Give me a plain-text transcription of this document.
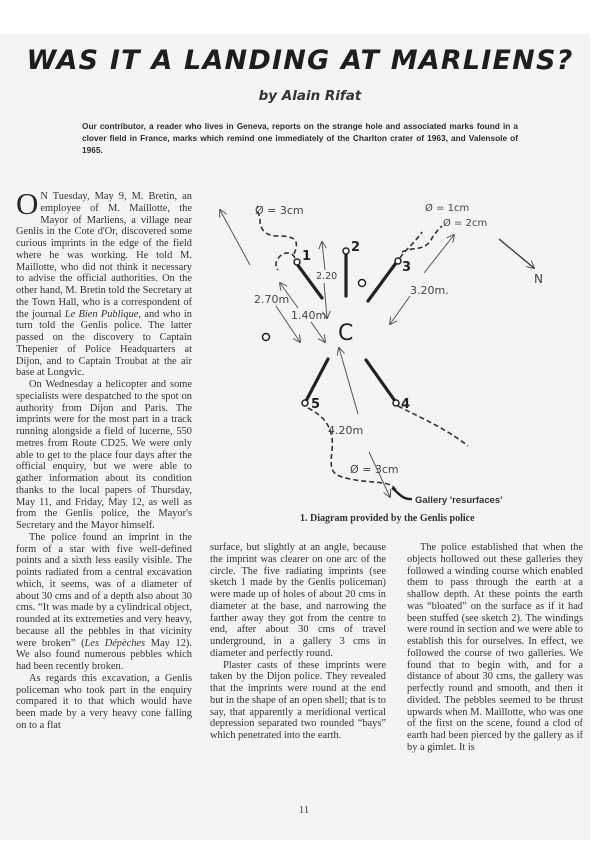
WAS IT A LANDING AT MARLIENS?
by Alain Rifat

Our contributor, a reader who lives in Geneva, reports on the strange hole and associated marks found in a clover field in France, marks which remind one immediately of the Charlton crater of 1963, and Valensole of 1965.

O N Tuesday, May 9, M. Bretin, an employee of M. Maillotte, the Mayor of Marliens, a village near Genlis in the Cote d'Or, discovered some curious imprints in the edge of the field where he was working. He told M. Maillotte, who did not think it necessary to advise the official authorities. On the other hand, M. Bretin told the Secretary at the Town Hall, who is a correspondent of the journal Le Bien Publique, and who in turn told the Genlis police. The latter passed on the discovery to Captain Thepenier of Police Headquarters at Dijon, and to Captain Troubat at the air base at Longvic.

On Wednesday a helicopter and some specialists were despatched to the spot on authority from Dijon and Paris. The imprints were for the most part in a track running alongside a field of lucerne, 550 metres from Route CD25. We were only able to get to the place four days after the official enquiry, but we were able to gather information about its condition thanks to the local papers of Thursday, May 11, and Friday, May 12, as well as from the Genlis police, the Mayor's Secretary and the Mayor himself.

The police found an imprint in the form of a star with five well-defined points and a sixth less easily visible. The points radiated from a central excavation which, it seems, was of a diameter of about 30 cms and of a depth also about 30 cms. “It was made by a cylindrical object, rounded at its extremeties and very heavy, because all the pebbles in that vicinity were broken” (Les Dépèches May 12). We also found numerous pebbles which had been recently broken.

As regards this excavation, a Genlis policeman who took part in the enquiry compared it to that which would have been made by a very heavy cone falling on to a flat

surface, but slightly at an angle, because the imprint was clearer on one arc of the circle. The five radiating imprints (see sketch 1 made by the Genlis policeman) were made up of holes of about 20 cms in diameter at the base, and narrowing the farther away they got from the centre to end, after about 30 cms of travel underground, in a gallery 3 cms in diameter and perfectly round.

Plaster casts of these imprints were taken by the Dijon police. They revealed that the imprints were round at the end but in the shape of an open shell; that is to say, that apparently a meridional vertical depression separated two rounded “bays” which penetrated into the earth.

The police established that when the objects hollowed out these galleries they followed a winding course which enabled them to pass through the earth at a shallow depth. At these points the earth was “bloated” on the surface as if it had been stuffed (see sketch 2). The windings were round in section and we were able to establish this for ourselves. In effect, we followed the course of two galleries. We found that to begin with, and for a distance of about 30 cms, the gallery was perfectly round and smooth, and then it divided. The pebbles seemed to be thrust upwards when M. Maillotte, who was one of the first on the scene, found a clod of earth had been pierced by the gallery as if by a gimlet. It is

C
1
2
3
4
5
Ø = 3cm	Ø = 1cm
Ø = 2cm
Ø = 3cm
2.70m
1.40m
2.20
3.20m.
4.20m
N
Gallery 'resurfaces'

1. Diagram provided by the Genlis police

11
